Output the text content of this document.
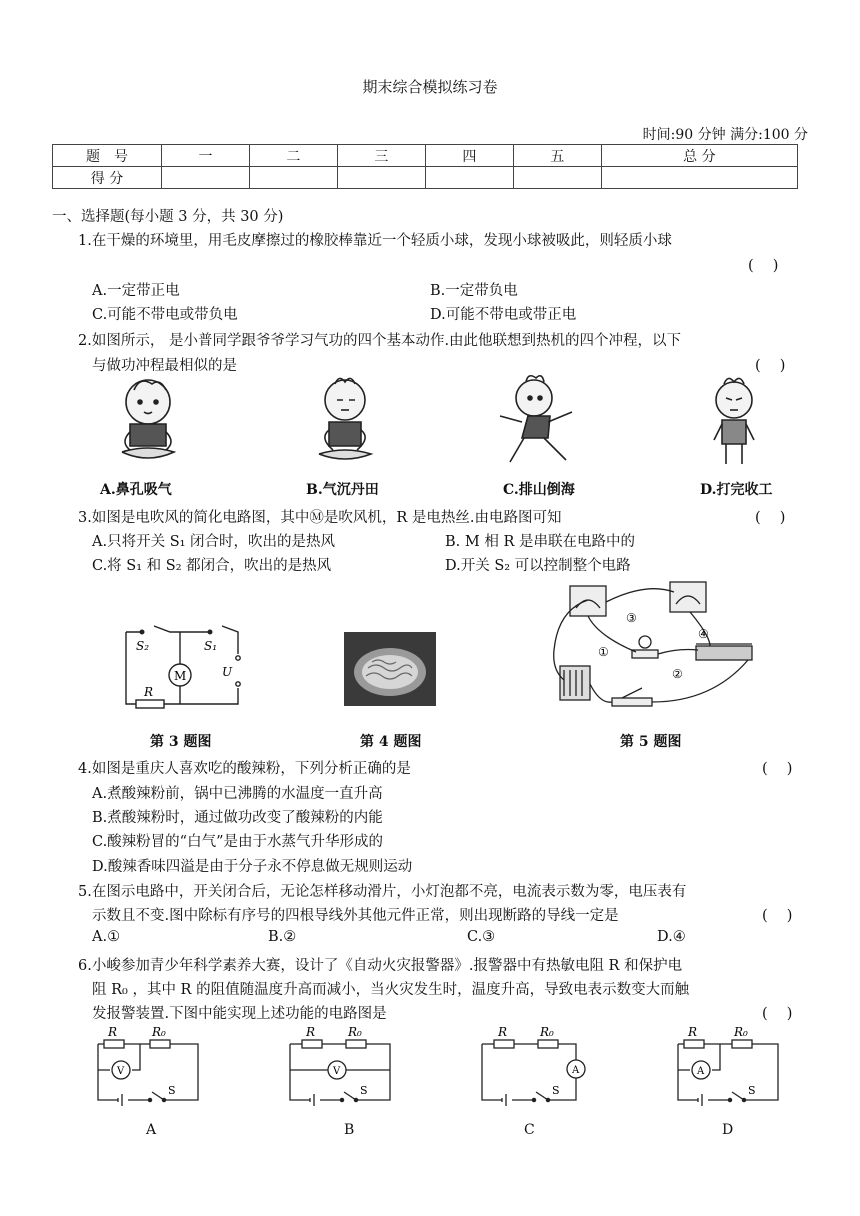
期末综合模拟练习卷
时间:90 分钟 满分:100 分
题　号	一	二	三	四	五	总 分
得 分						
一、选择题(每小题 3 分，共 30 分)
1.在干燥的环境里，用毛皮摩擦过的橡胶棒靠近一个轻质小球，发现小球被吸此，则轻质小球
(　 )
A.一定带正电	B.一定带负电
C.可能不带电或带负电	D.可能不带电或带正电
2.如图所示， 是小普同学跟爷爷学习气功的四个基本动作.由此他联想到热机的四个冲程，以下
与做功冲程最相似的是	(　 )
A.鼻孔吸气	B.气沉丹田	C.排山倒海	D.打完收工
3.如图是电吹风的简化电路图，其中Ⓜ是吹风机，R 是电热丝.由电路图可知	(　 )
A.只将开关 S₁ 闭合时，吹出的是热风	B. M 相 R 是串联在电路中的
C.将 S₁ 和 S₂ 都闭合，吹出的是热风	D.开关 S₂ 可以控制整个电路
S₂	S₁
M	U
R
①
②
③
④
第 3 题图	第 4 题图	第 5 题图
4.如图是重庆人喜欢吃的酸辣粉，下列分析正确的是	(　 )
A.煮酸辣粉前，锅中已沸腾的水温度一直升高
B.煮酸辣粉时，通过做功改变了酸辣粉的内能
C.酸辣粉冒的“白气”是由于水蒸气升华形成的
D.酸辣香味四溢是由于分子永不停息做无规则运动
5.在图示电路中，开关闭合后，无论怎样移动滑片，小灯泡都不亮，电流表示数为零，电压表有
示数且不变.图中除标有序号的四根导线外其他元件正常，则出现断路的导线一定是	(　 )
A.①	B.②	C.③	D.④
6.小峻参加青少年科学素养大赛，设计了《自动火灾报警器》.报警器中有热敏电阻 R 和保护电
阻 R₀ ，其中 R 的阻值随温度升高而减小，当火灾发生时，温度升高，导致电表示数变大而触
发报警装置.下图中能实现上述功能的电路图是	(　 )
R	R₀
V
S
R	R₀
V
S
R	R₀
A
S
R	R₀
A
S
A	B	C	D
